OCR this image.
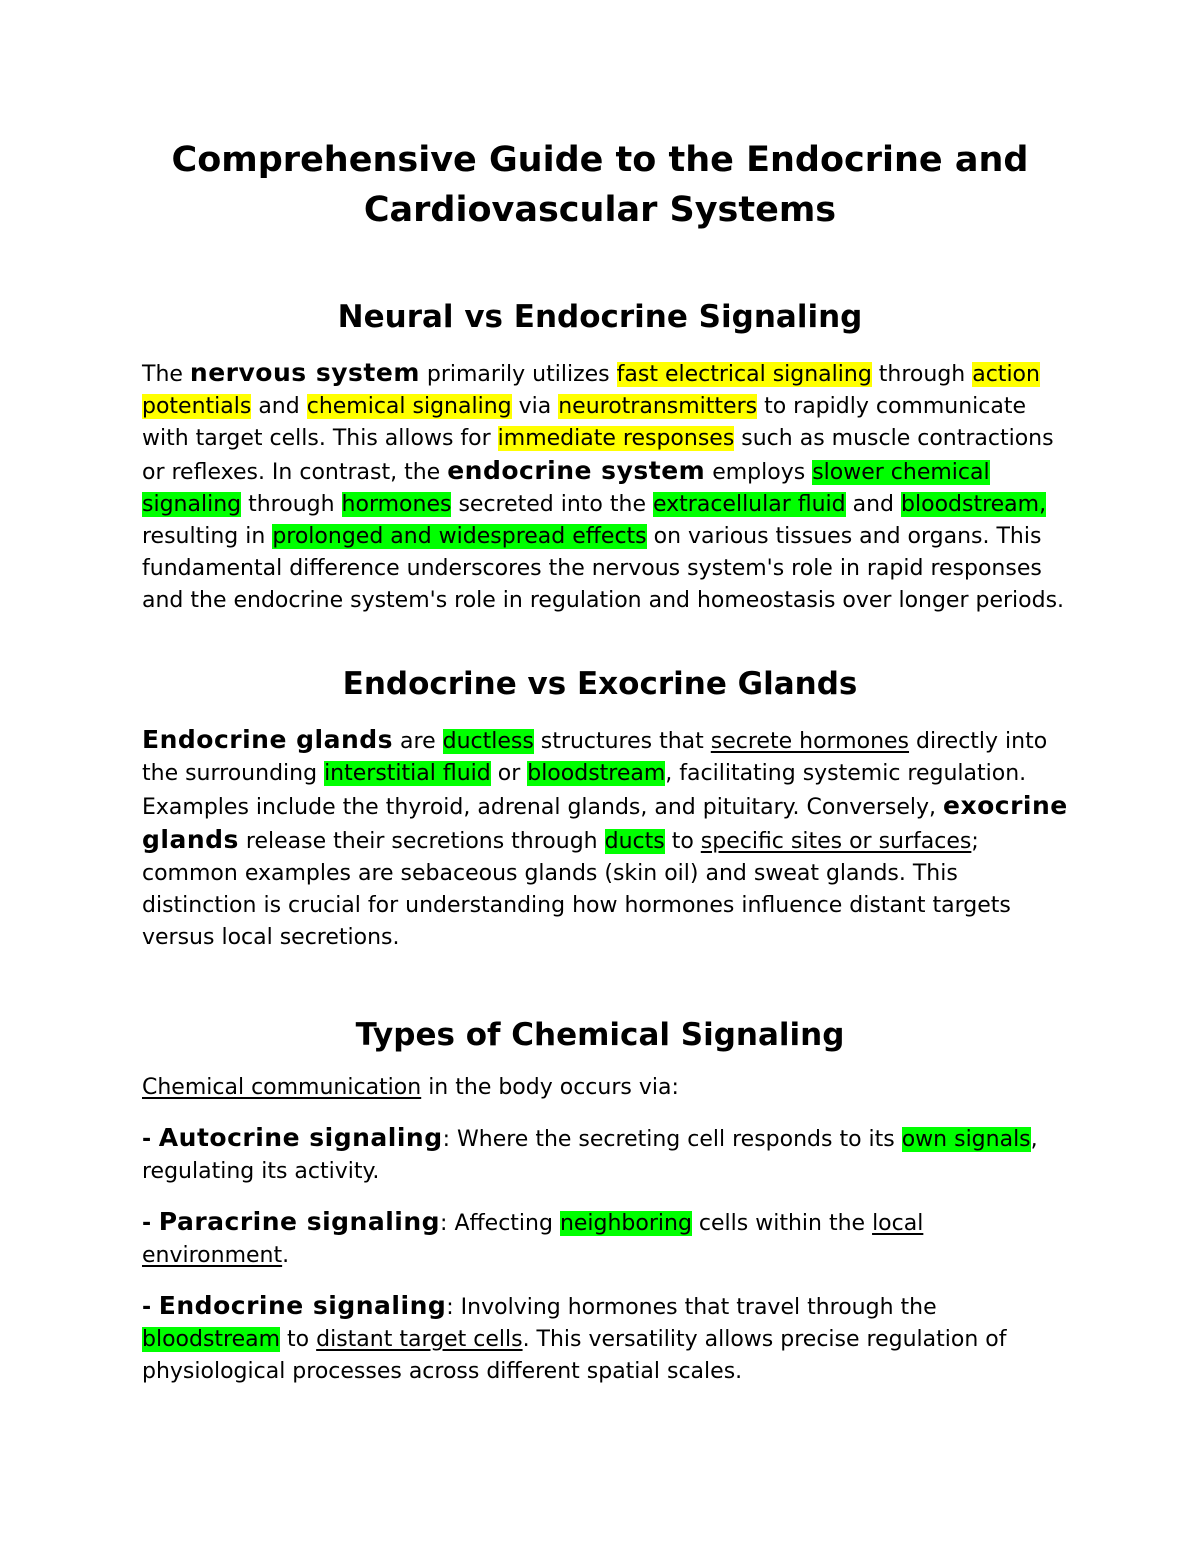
Comprehensive Guide to the Endocrine and
Cardiovascular Systems
Neural vs Endocrine Signaling

The nervous system primarily utilizes fast electrical signaling through action potentials and chemical signaling via neurotransmitters to rapidly communicate with target cells. This allows for immediate responses such as muscle contractions or reflexes. In contrast, the endocrine system employs slower chemical signaling through hormones secreted into the extracellular fluid and bloodstream, resulting in prolonged and widespread effects on various tissues and organs. This fundamental difference underscores the nervous system's role in rapid responses and the endocrine system's role in regulation and homeostasis over longer periods.

Endocrine vs Exocrine Glands

Endocrine glands are ductless structures that secrete hormones directly into the surrounding interstitial fluid or bloodstream, facilitating systemic regulation. Examples include the thyroid, adrenal glands, and pituitary. Conversely, exocrine glands release their secretions through ducts to specific sites or surfaces; common examples are sebaceous glands (skin oil) and sweat glands. This distinction is crucial for understanding how hormones influence distant targets versus local secretions.

Types of Chemical Signaling

Chemical communication in the body occurs via:

- Autocrine signaling: Where the secreting cell responds to its own signals, regulating its activity.

- Paracrine signaling: Affecting neighboring cells within the local environment.

- Endocrine signaling: Involving hormones that travel through the bloodstream to distant target cells. This versatility allows precise regulation of physiological processes across different spatial scales.
